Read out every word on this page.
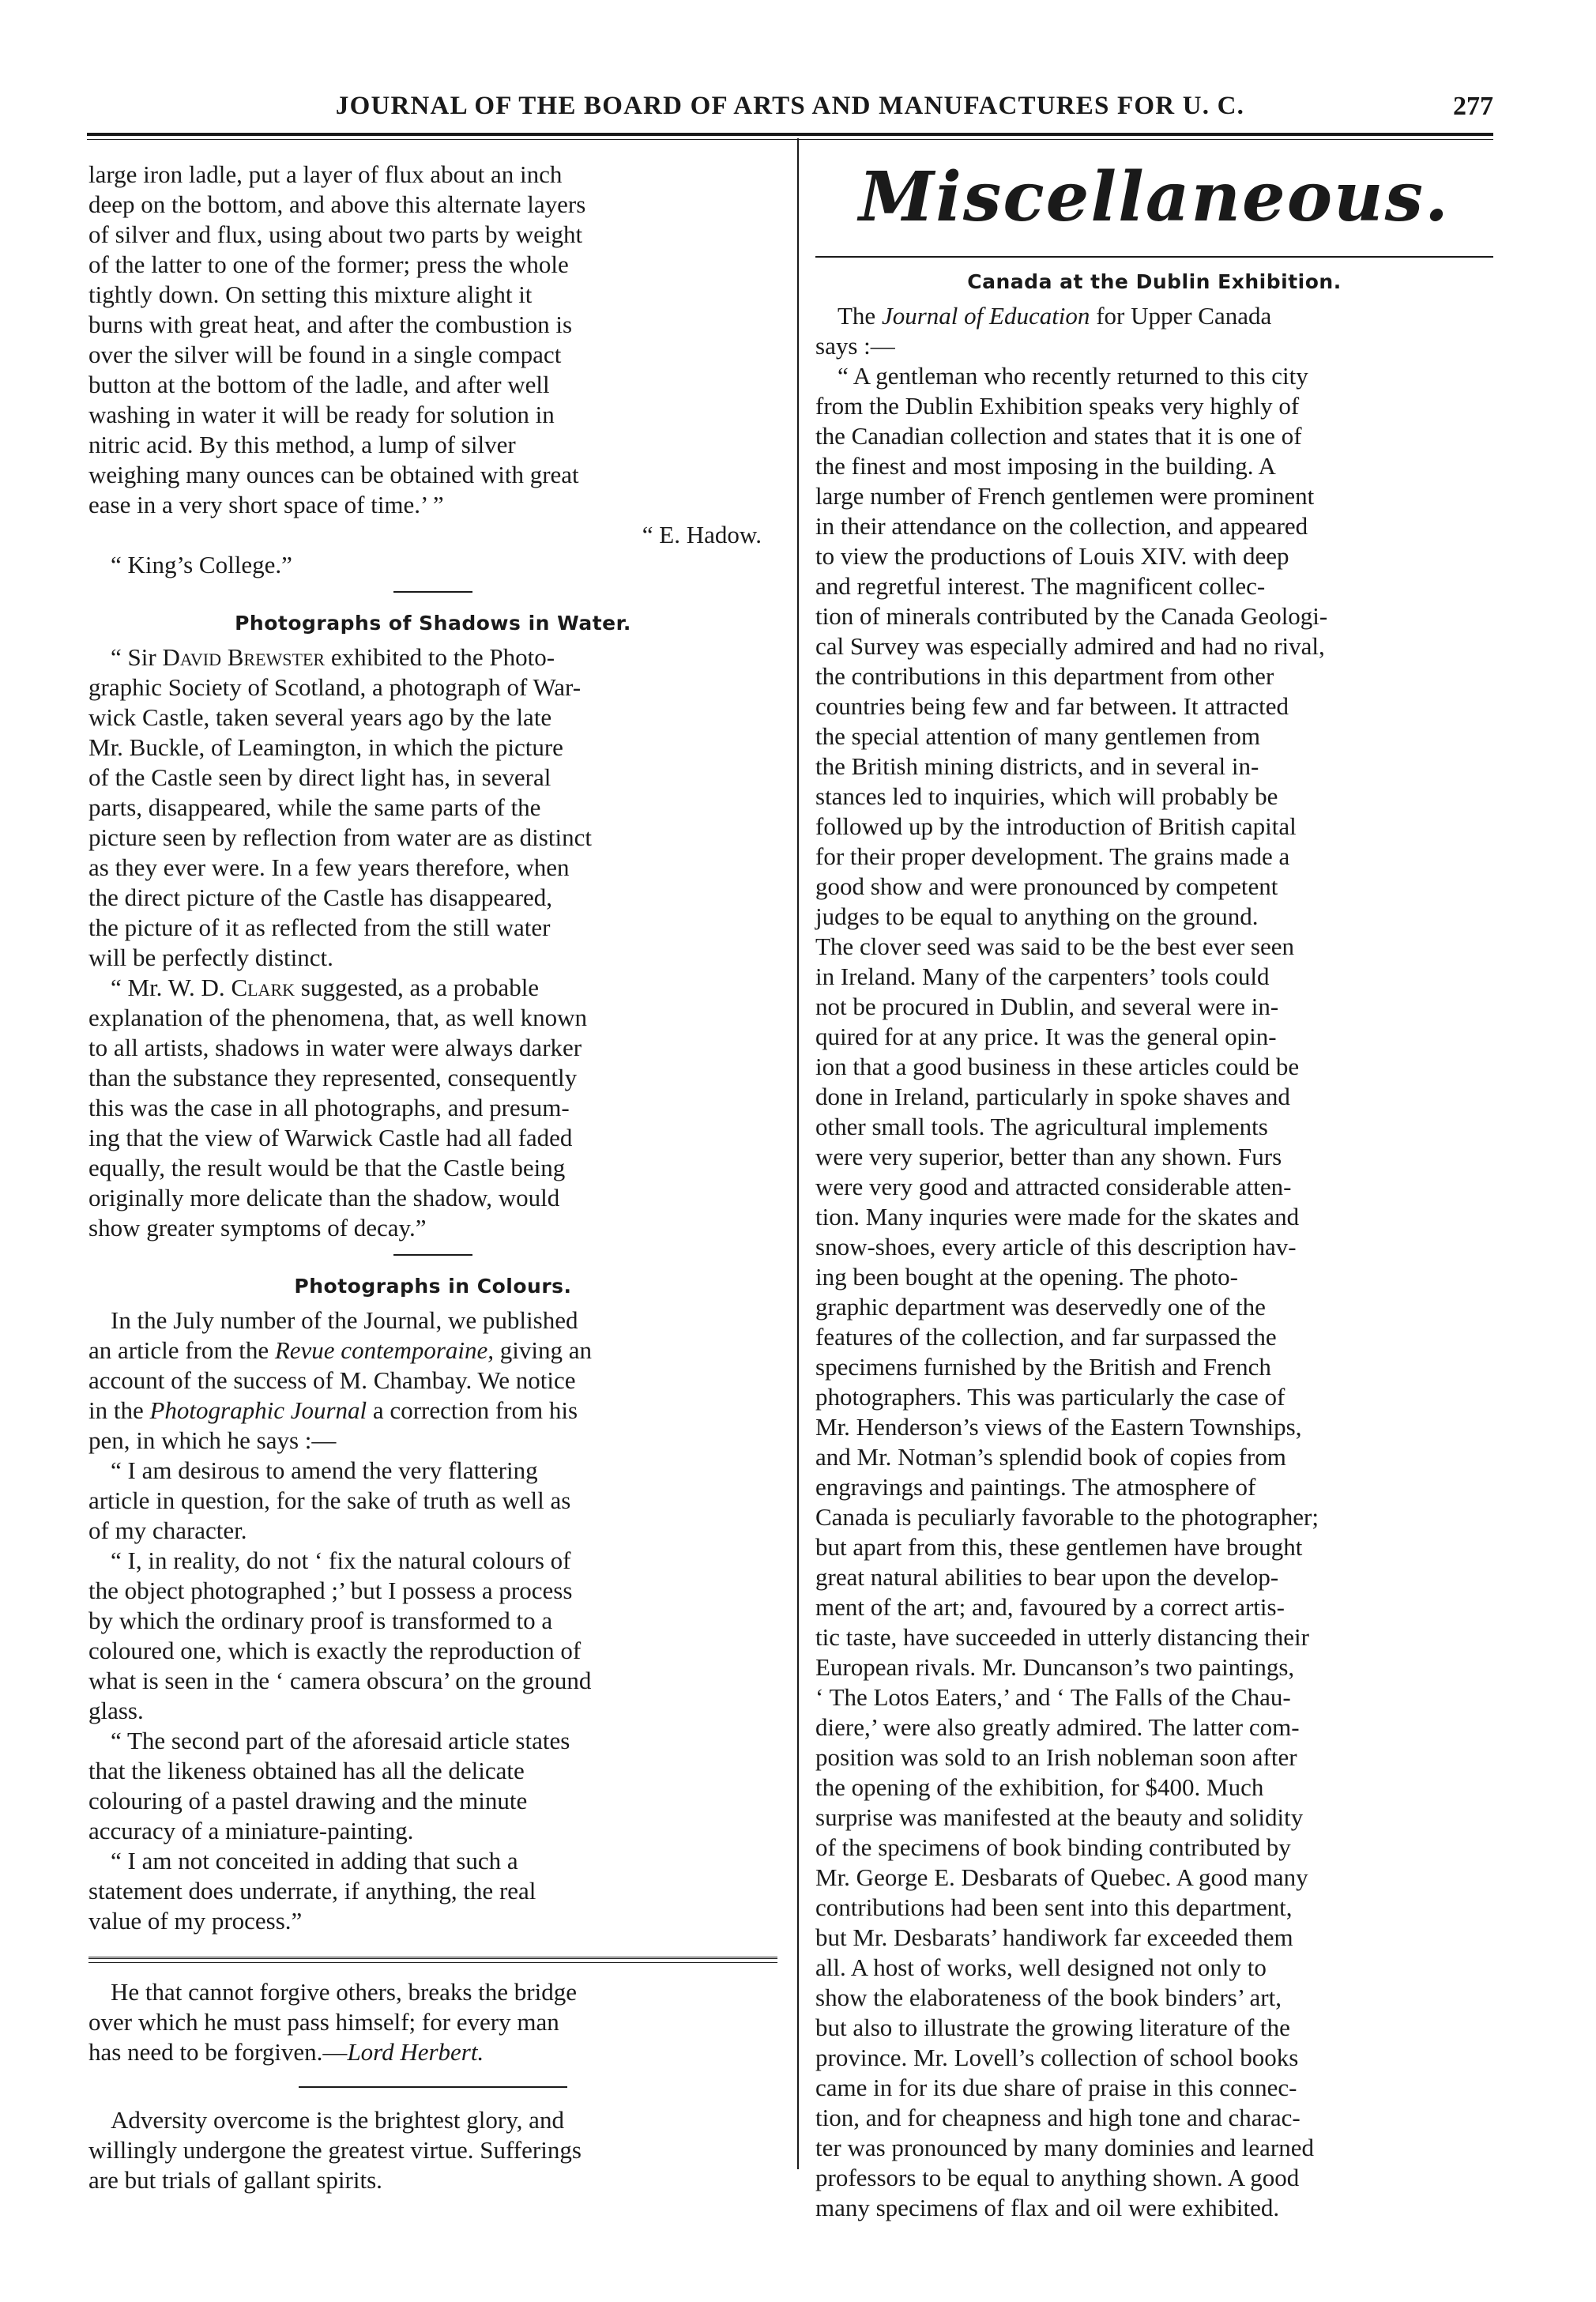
JOURNAL OF THE BOARD OF ARTS AND MANUFACTURES FOR U. C.	277

large iron ladle, put a layer of flux about an inch
deep on the bottom, and above this alternate layers
of silver and flux, using about two parts by weight
of the latter to one of the former; press the whole
tightly down. On setting this mixture alight it
burns with great heat, and after the combustion is
over the silver will be found in a single compact
button at the bottom of the ladle, and after well
washing in water it will be ready for solution in
nitric acid. By this method, a lump of silver
weighing many ounces can be obtained with great
ease in a very short space of time.’ ”

“ E. Hadow.

“ King’s College.”

Photographs of Shadows in Water.

“ Sir David Brewster exhibited to the Photo-
graphic Society of Scotland, a photograph of War-
wick Castle, taken several years ago by the late
Mr. Buckle, of Leamington, in which the picture
of the Castle seen by direct light has, in several
parts, disappeared, while the same parts of the
picture seen by reflection from water are as distinct
as they ever were. In a few years therefore, when
the direct picture of the Castle has disappeared,
the picture of it as reflected from the still water
will be perfectly distinct.

“ Mr. W. D. Clark suggested, as a probable
explanation of the phenomena, that, as well known
to all artists, shadows in water were always darker
than the substance they represented, consequently
this was the case in all photographs, and presum-
ing that the view of Warwick Castle had all faded
equally, the result would be that the Castle being
originally more delicate than the shadow, would
show greater symptoms of decay.”

Photographs in Colours.

In the July number of the Journal, we published
an article from the Revue contemporaine, giving an
account of the success of M. Chambay. We notice
in the Photographic Journal a correction from his
pen, in which he says :—

“ I am desirous to amend the very flattering
article in question, for the sake of truth as well as
of my character.

“ I, in reality, do not ‘ fix the natural colours of
the object photographed ;’ but I possess a process
by which the ordinary proof is transformed to a
coloured one, which is exactly the reproduction of
what is seen in the ‘ camera obscura’ on the ground
glass.

“ The second part of the aforesaid article states
that the likeness obtained has all the delicate
colouring of a pastel drawing and the minute
accuracy of a miniature-painting.

“ I am not conceited in adding that such a
statement does underrate, if anything, the real
value of my process.”

He that cannot forgive others, breaks the bridge
over which he must pass himself; for every man
has need to be forgiven.—Lord Herbert.

Adversity overcome is the brightest glory, and
willingly undergone the greatest virtue. Sufferings
are but trials of gallant spirits.

Miscellaneous.
Canada at the Dublin Exhibition.

The Journal of Education for Upper Canada
says :—

“ A gentleman who recently returned to this city
from the Dublin Exhibition speaks very highly of
the Canadian collection and states that it is one of
the finest and most imposing in the building. A
large number of French gentlemen were prominent
in their attendance on the collection, and appeared
to view the productions of Louis XIV. with deep
and regretful interest. The magnificent collec-
tion of minerals contributed by the Canada Geologi-
cal Survey was especially admired and had no rival,
the contributions in this department from other
countries being few and far between. It attracted
the special attention of many gentlemen from
the British mining districts, and in several in-
stances led to inquiries, which will probably be
followed up by the introduction of British capital
for their proper development. The grains made a
good show and were pronounced by competent
judges to be equal to anything on the ground.
The clover seed was said to be the best ever seen
in Ireland. Many of the carpenters’ tools could
not be procured in Dublin, and several were in-
quired for at any price. It was the general opin-
ion that a good business in these articles could be
done in Ireland, particularly in spoke shaves and
other small tools. The agricultural implements
were very superior, better than any shown. Furs
were very good and attracted considerable atten-
tion. Many inquries were made for the skates and
snow-shoes, every article of this description hav-
ing been bought at the opening. The photo-
graphic department was deservedly one of the
features of the collection, and far surpassed the
specimens furnished by the British and French
photographers. This was particularly the case of
Mr. Henderson’s views of the Eastern Townships,
and Mr. Notman’s splendid book of copies from
engravings and paintings. The atmosphere of
Canada is peculiarly favorable to the photographer;
but apart from this, these gentlemen have brought
great natural abilities to bear upon the develop-
ment of the art; and, favoured by a correct artis-
tic taste, have succeeded in utterly distancing their
European rivals. Mr. Duncanson’s two paintings,
‘ The Lotos Eaters,’ and ‘ The Falls of the Chau-
diere,’ were also greatly admired. The latter com-
position was sold to an Irish nobleman soon after
the opening of the exhibition, for $400. Much
surprise was manifested at the beauty and solidity
of the specimens of book binding contributed by
Mr. George E. Desbarats of Quebec. A good many
contributions had been sent into this department,
but Mr. Desbarats’ handiwork far exceeded them
all. A host of works, well designed not only to
show the elaborateness of the book binders’ art,
but also to illustrate the growing literature of the
province. Mr. Lovell’s collection of school books
came in for its due share of praise in this connec-
tion, and for cheapness and high tone and charac-
ter was pronounced by many dominies and learned
professors to be equal to anything shown. A good
many specimens of flax and oil were exhibited.
